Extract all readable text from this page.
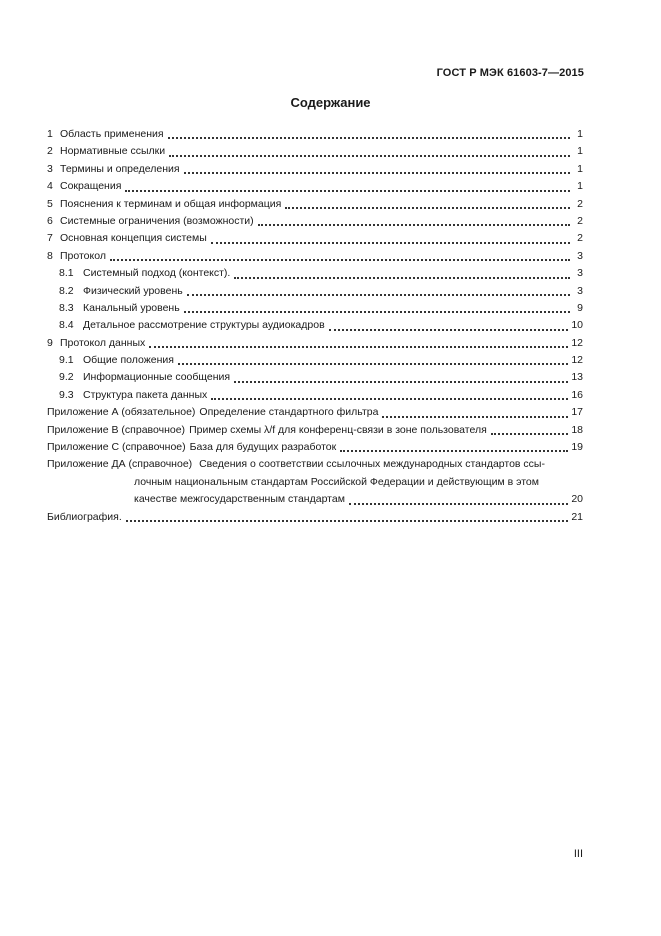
ГОСТ Р МЭК 61603-7—2015
Содержание
1 Область применения	1
2 Нормативные ссылки	1
3 Термины и определения	1
4 Сокращения	1
5 Пояснения к терминам и общая информация	2
6 Системные ограничения (возможности)	2
7 Основная концепция системы	2
8 Протокол	3
8.1 Системный подход (контекст).	3
8.2 Физический уровень	3
8.3 Канальный уровень	9
8.4 Детальное рассмотрение структуры аудиокадров	10
9 Протокол данных	12
9.1 Общие положения	12
9.2 Информационные сообщения	13
9.3 Структура пакета данных	16
Приложение А (обязательное) Определение стандартного фильтра	17
Приложение В (справочное) Пример схемы λ/f для конференц-связи в зоне пользователя	18
Приложение С (справочное) База для будущих разработок	19
Приложение ДА (справочное) Сведения о соответствии ссылочных международных стандартов ссы-
лочным национальным стандартам Российской Федерации и действующим в этом
качестве межгосударственным стандартам	20
Библиография.	21
III
